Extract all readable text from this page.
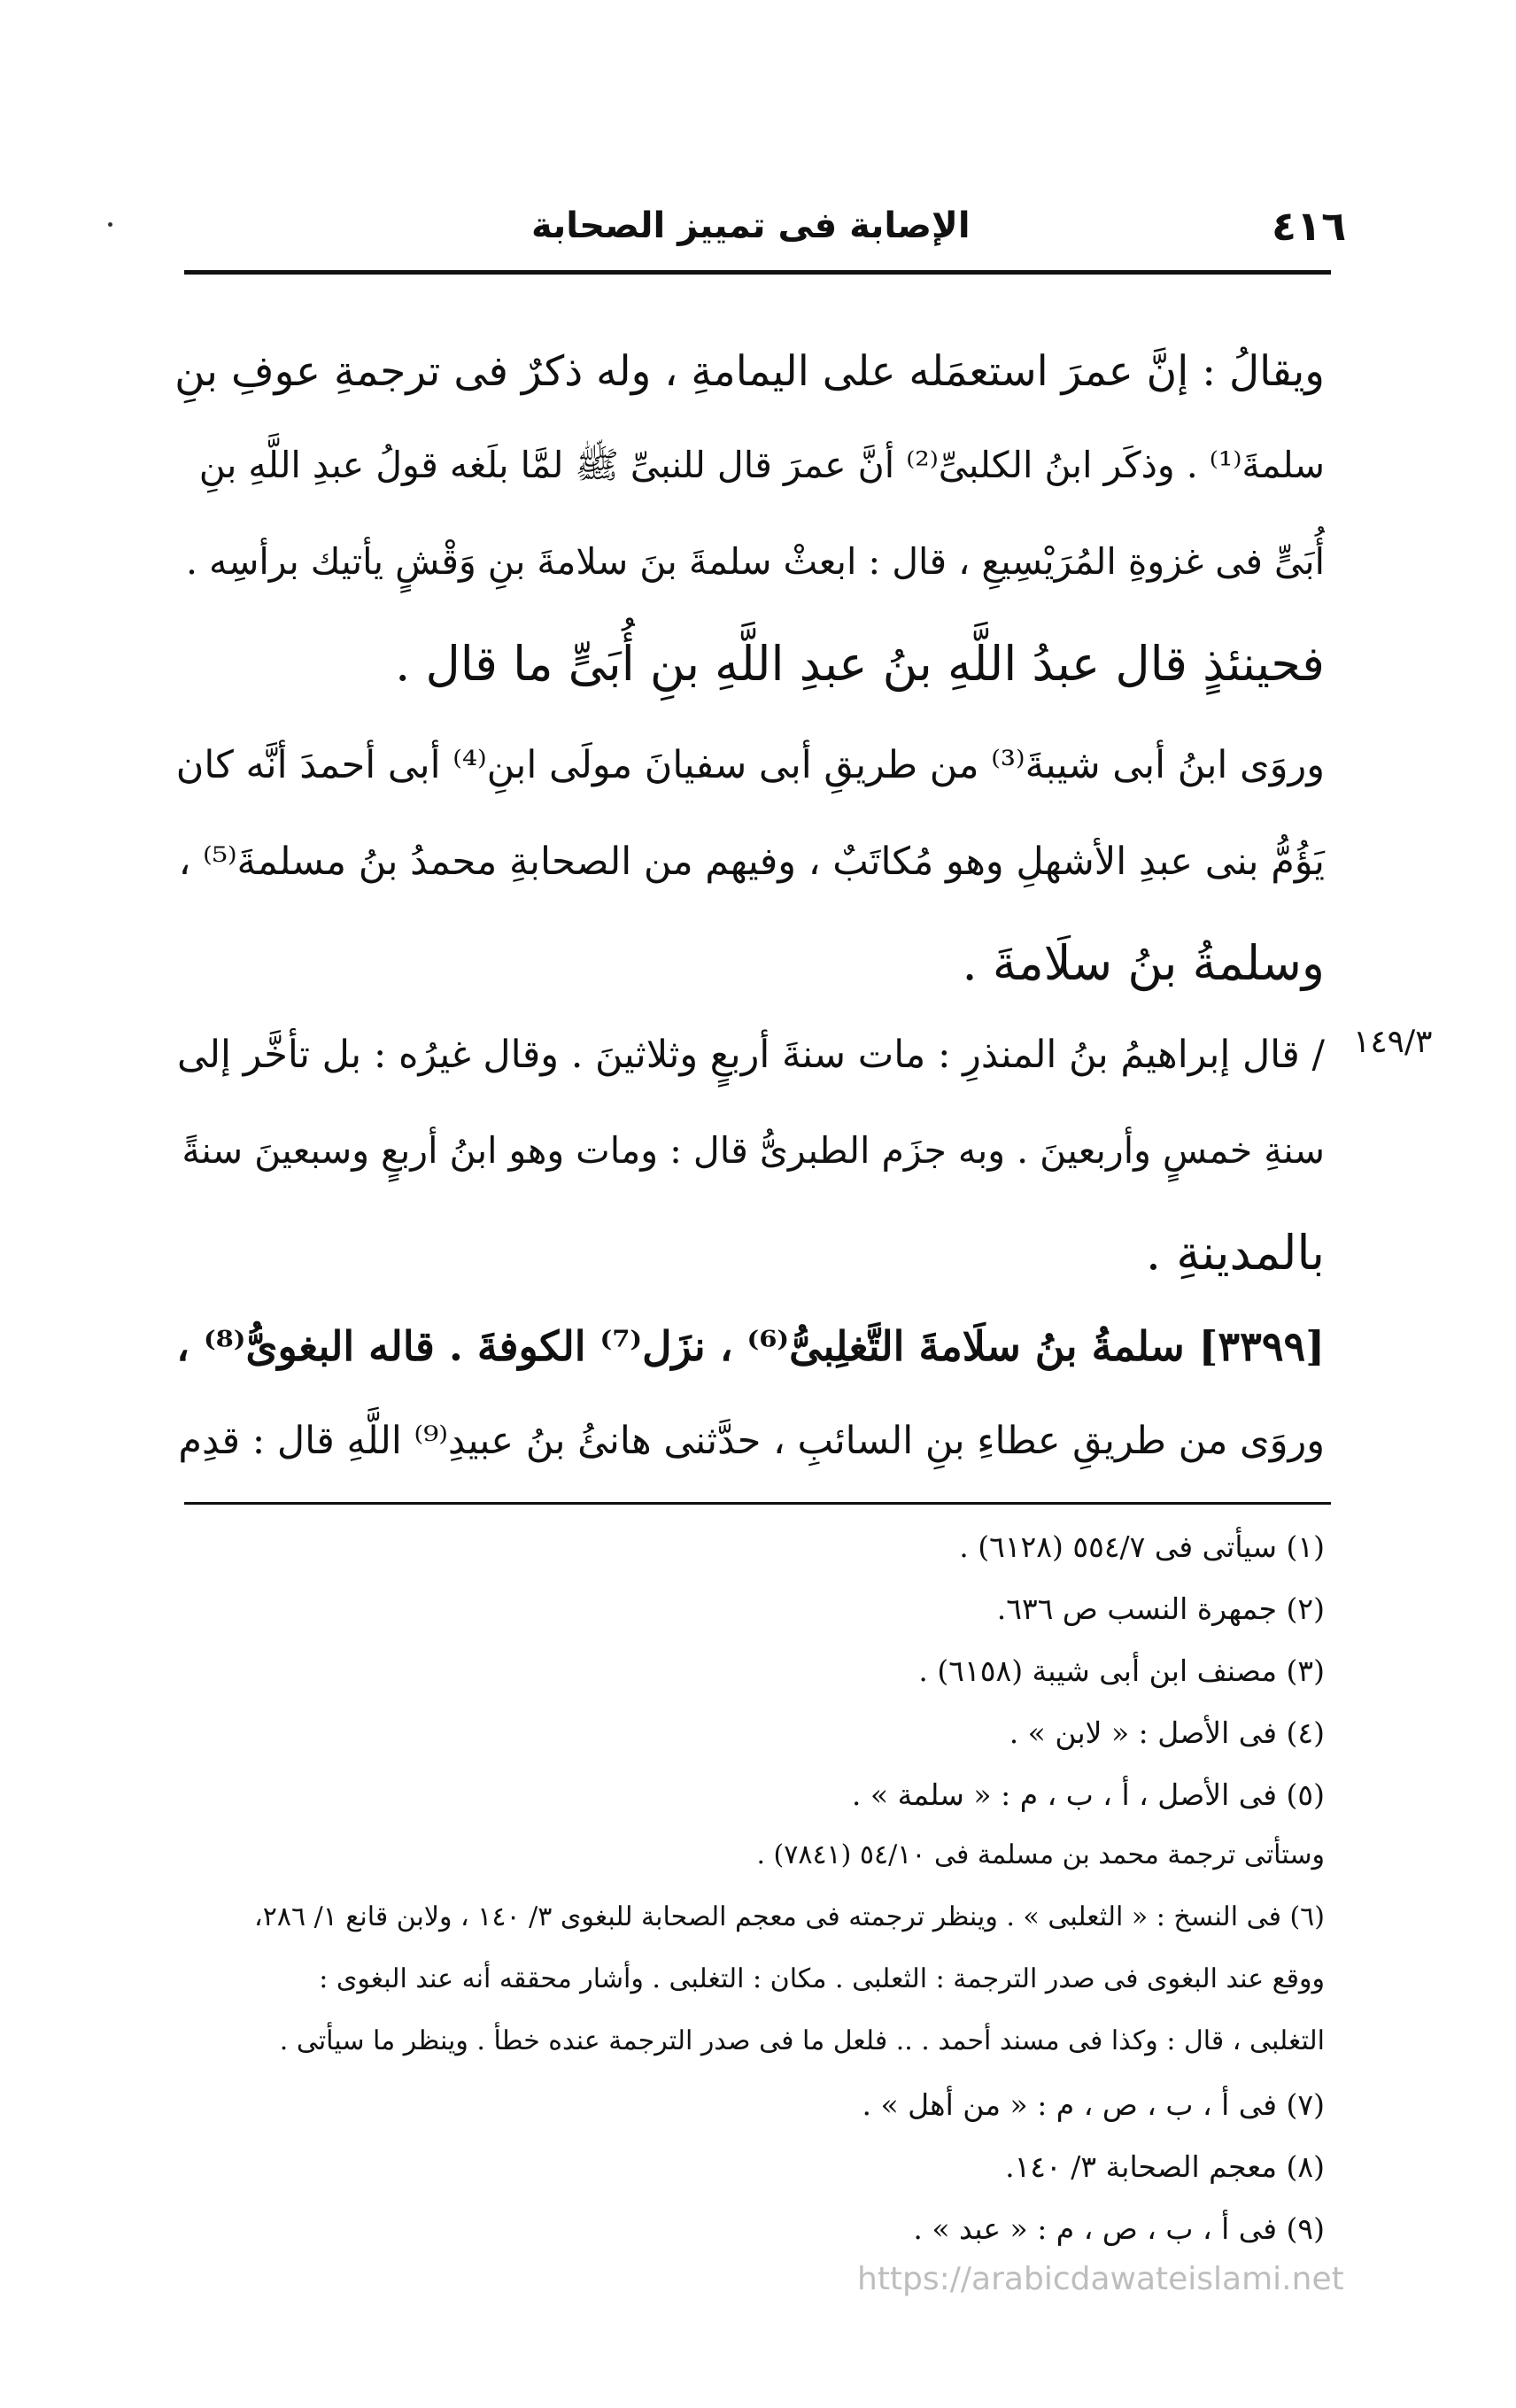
٤١٦
الإصابة فى تمييز الصحابة
١٤٩/٣
ويقالُ : إنَّ عمرَ استعمَله على اليمامةِ ، وله ذكرٌ فى ترجمةِ عوفِ بنِ
سلمةَ⁽¹⁾ . وذكَر ابنُ الكلبىِّ⁽²⁾ أنَّ عمرَ قال للنبىِّ ﷺ لمَّا بلَغه قولُ عبدِ اللَّهِ بنِ
أُبَىٍّ فى غزوةِ المُرَيْسِيعِ ، قال : ابعثْ سلمةَ بنَ سلامةَ بنِ وَقْشٍ يأتيك برأسِه .
فحينئذٍ قال عبدُ اللَّهِ بنُ عبدِ اللَّهِ بنِ أُبَىٍّ ما قال .
وروَى ابنُ أبى شيبةَ⁽³⁾ من طريقِ أبى سفيانَ مولَى ابنِ⁽⁴⁾ أبى أحمدَ أنَّه كان
يَؤُمُّ بنى عبدِ الأشهلِ وهو مُكاتَبٌ ، وفيهم من الصحابةِ محمدُ بنُ مسلمةَ⁽⁵⁾ ،
وسلمةُ بنُ سلَامةَ .
/ قال إبراهيمُ بنُ المنذرِ : مات سنةَ أربعٍ وثلاثينَ . وقال غيرُه : بل تأخَّر إلى
سنةِ خمسٍ وأربعينَ . وبه جزَم الطبرىُّ قال : ومات وهو ابنُ أربعٍ وسبعينَ سنةً
بالمدينةِ .
[٣٣٩٩] سلمةُ بنُ سلَامةَ التَّغلِبىُّ⁽⁶⁾ ، نزَل⁽⁷⁾ الكوفةَ . قاله البغوىُّ⁽⁸⁾ ،
وروَى من طريقِ عطاءِ بنِ السائبِ ، حدَّثنى هانئُ بنُ عبيدِ⁽⁹⁾ اللَّهِ قال : قدِم
(١) سيأتى فى ٥٥٤/٧ (٦١٢٨) .
(٢) جمهرة النسب ص ٦٣٦.
(٣) مصنف ابن أبى شيبة (٦١٥٨) .
(٤) فى الأصل : « لابن » .
(٥) فى الأصل ، أ ، ب ، م : « سلمة » .
وستأتى ترجمة محمد بن مسلمة فى ٥٤/١٠ (٧٨٤١) .
(٦) فى النسخ : « الثعلبى » . وينظر ترجمته فى معجم الصحابة للبغوى ٣/ ١٤٠ ، ولابن قانع ١/ ٢٨٦،
ووقع عند البغوى فى صدر الترجمة : الثعلبى . مكان : التغلبى . وأشار محققه أنه عند البغوى :
التغلبى ، قال : وكذا فى مسند أحمد . .. فلعل ما فى صدر الترجمة عنده خطأ . وينظر ما سيأتى .
(٧) فى أ ، ب ، ص ، م : « من أهل » .
(٨) معجم الصحابة ٣/ ١٤٠.
(٩) فى أ ، ب ، ص ، م : « عبد » .
https://arabicdawateislami.net
